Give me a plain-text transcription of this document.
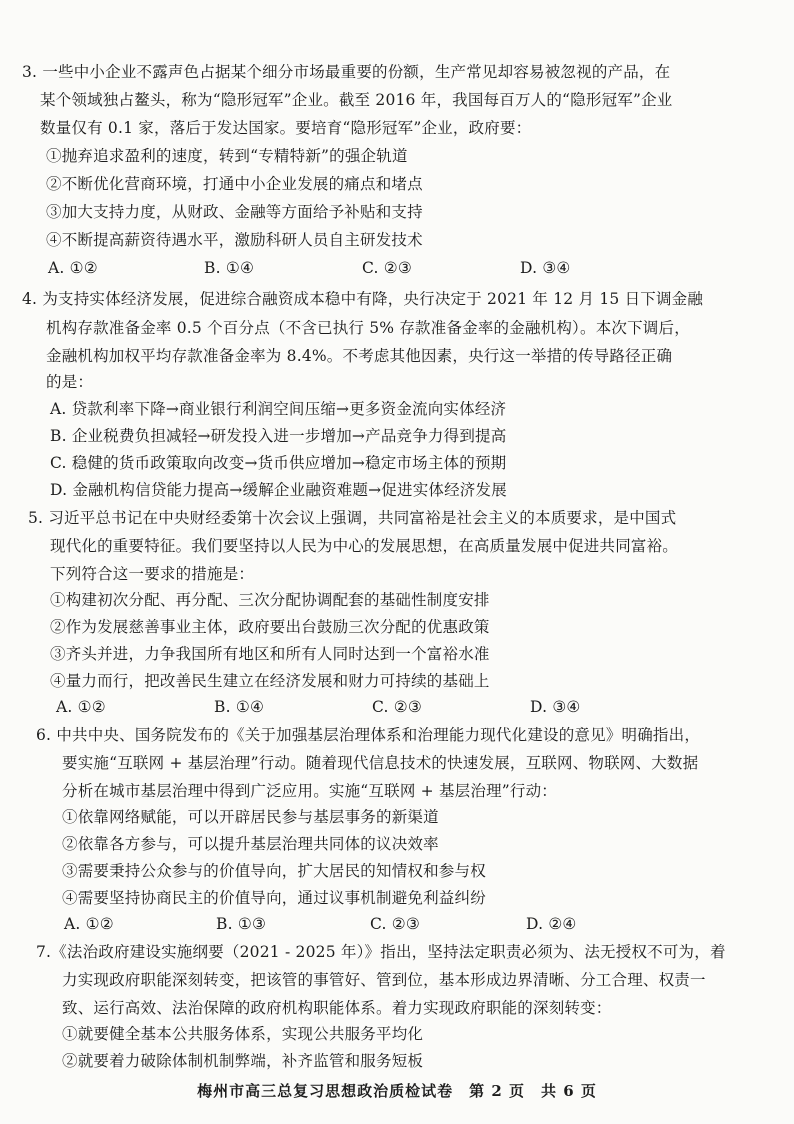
3. 一些中小企业不露声色占据某个细分市场最重要的份额，生产常见却容易被忽视的产品，在
某个领域独占鳌头，称为“隐形冠军”企业。截至 2016 年，我国每百万人的“隐形冠军”企业
数量仅有 0.1 家，落后于发达国家。要培育“隐形冠军”企业，政府要：
①抛弃追求盈利的速度，转到“专精特新”的强企轨道
②不断优化营商环境，打通中小企业发展的痛点和堵点
③加大支持力度，从财政、金融等方面给予补贴和支持
④不断提高薪资待遇水平，激励科研人员自主研发技术
A. ①②	B. ①④	C. ②③	D. ③④
4. 为支持实体经济发展，促进综合融资成本稳中有降，央行决定于 2021 年 12 月 15 日下调金融
机构存款准备金率 0.5 个百分点（不含已执行 5% 存款准备金率的金融机构）。本次下调后，
金融机构加权平均存款准备金率为 8.4%。不考虑其他因素，央行这一举措的传导路径正确
的是：
A. 贷款利率下降→商业银行利润空间压缩→更多资金流向实体经济
B. 企业税费负担减轻→研发投入进一步增加→产品竞争力得到提高
C. 稳健的货币政策取向改变→货币供应增加→稳定市场主体的预期
D. 金融机构信贷能力提高→缓解企业融资难题→促进实体经济发展
5. 习近平总书记在中央财经委第十次会议上强调，共同富裕是社会主义的本质要求，是中国式
现代化的重要特征。我们要坚持以人民为中心的发展思想，在高质量发展中促进共同富裕。
下列符合这一要求的措施是：
①构建初次分配、再分配、三次分配协调配套的基础性制度安排
②作为发展慈善事业主体，政府要出台鼓励三次分配的优惠政策
③齐头并进，力争我国所有地区和所有人同时达到一个富裕水准
④量力而行，把改善民生建立在经济发展和财力可持续的基础上
A. ①②	B. ①④	C. ②③	D. ③④
6. 中共中央、国务院发布的《关于加强基层治理体系和治理能力现代化建设的意见》明确指出，
要实施“互联网 + 基层治理”行动。随着现代信息技术的快速发展，互联网、物联网、大数据
分析在城市基层治理中得到广泛应用。实施“互联网 + 基层治理”行动：
①依靠网络赋能，可以开辟居民参与基层事务的新渠道
②依靠各方参与，可以提升基层治理共同体的议决效率
③需要秉持公众参与的价值导向，扩大居民的知情权和参与权
④需要坚持协商民主的价值导向，通过议事机制避免利益纠纷
A. ①②	B. ①③	C. ②③	D. ②④
7.《法治政府建设实施纲要（2021 - 2025 年）》指出，坚持法定职责必须为、法无授权不可为，着
力实现政府职能深刻转变，把该管的事管好、管到位，基本形成边界清晰、分工合理、权责一
致、运行高效、法治保障的政府机构职能体系。着力实现政府职能的深刻转变：
①就要健全基本公共服务体系，实现公共服务平均化
②就要着力破除体制机制弊端，补齐监管和服务短板
梅州市高三总复习思想政治质检试卷　第 2 页　共 6 页
